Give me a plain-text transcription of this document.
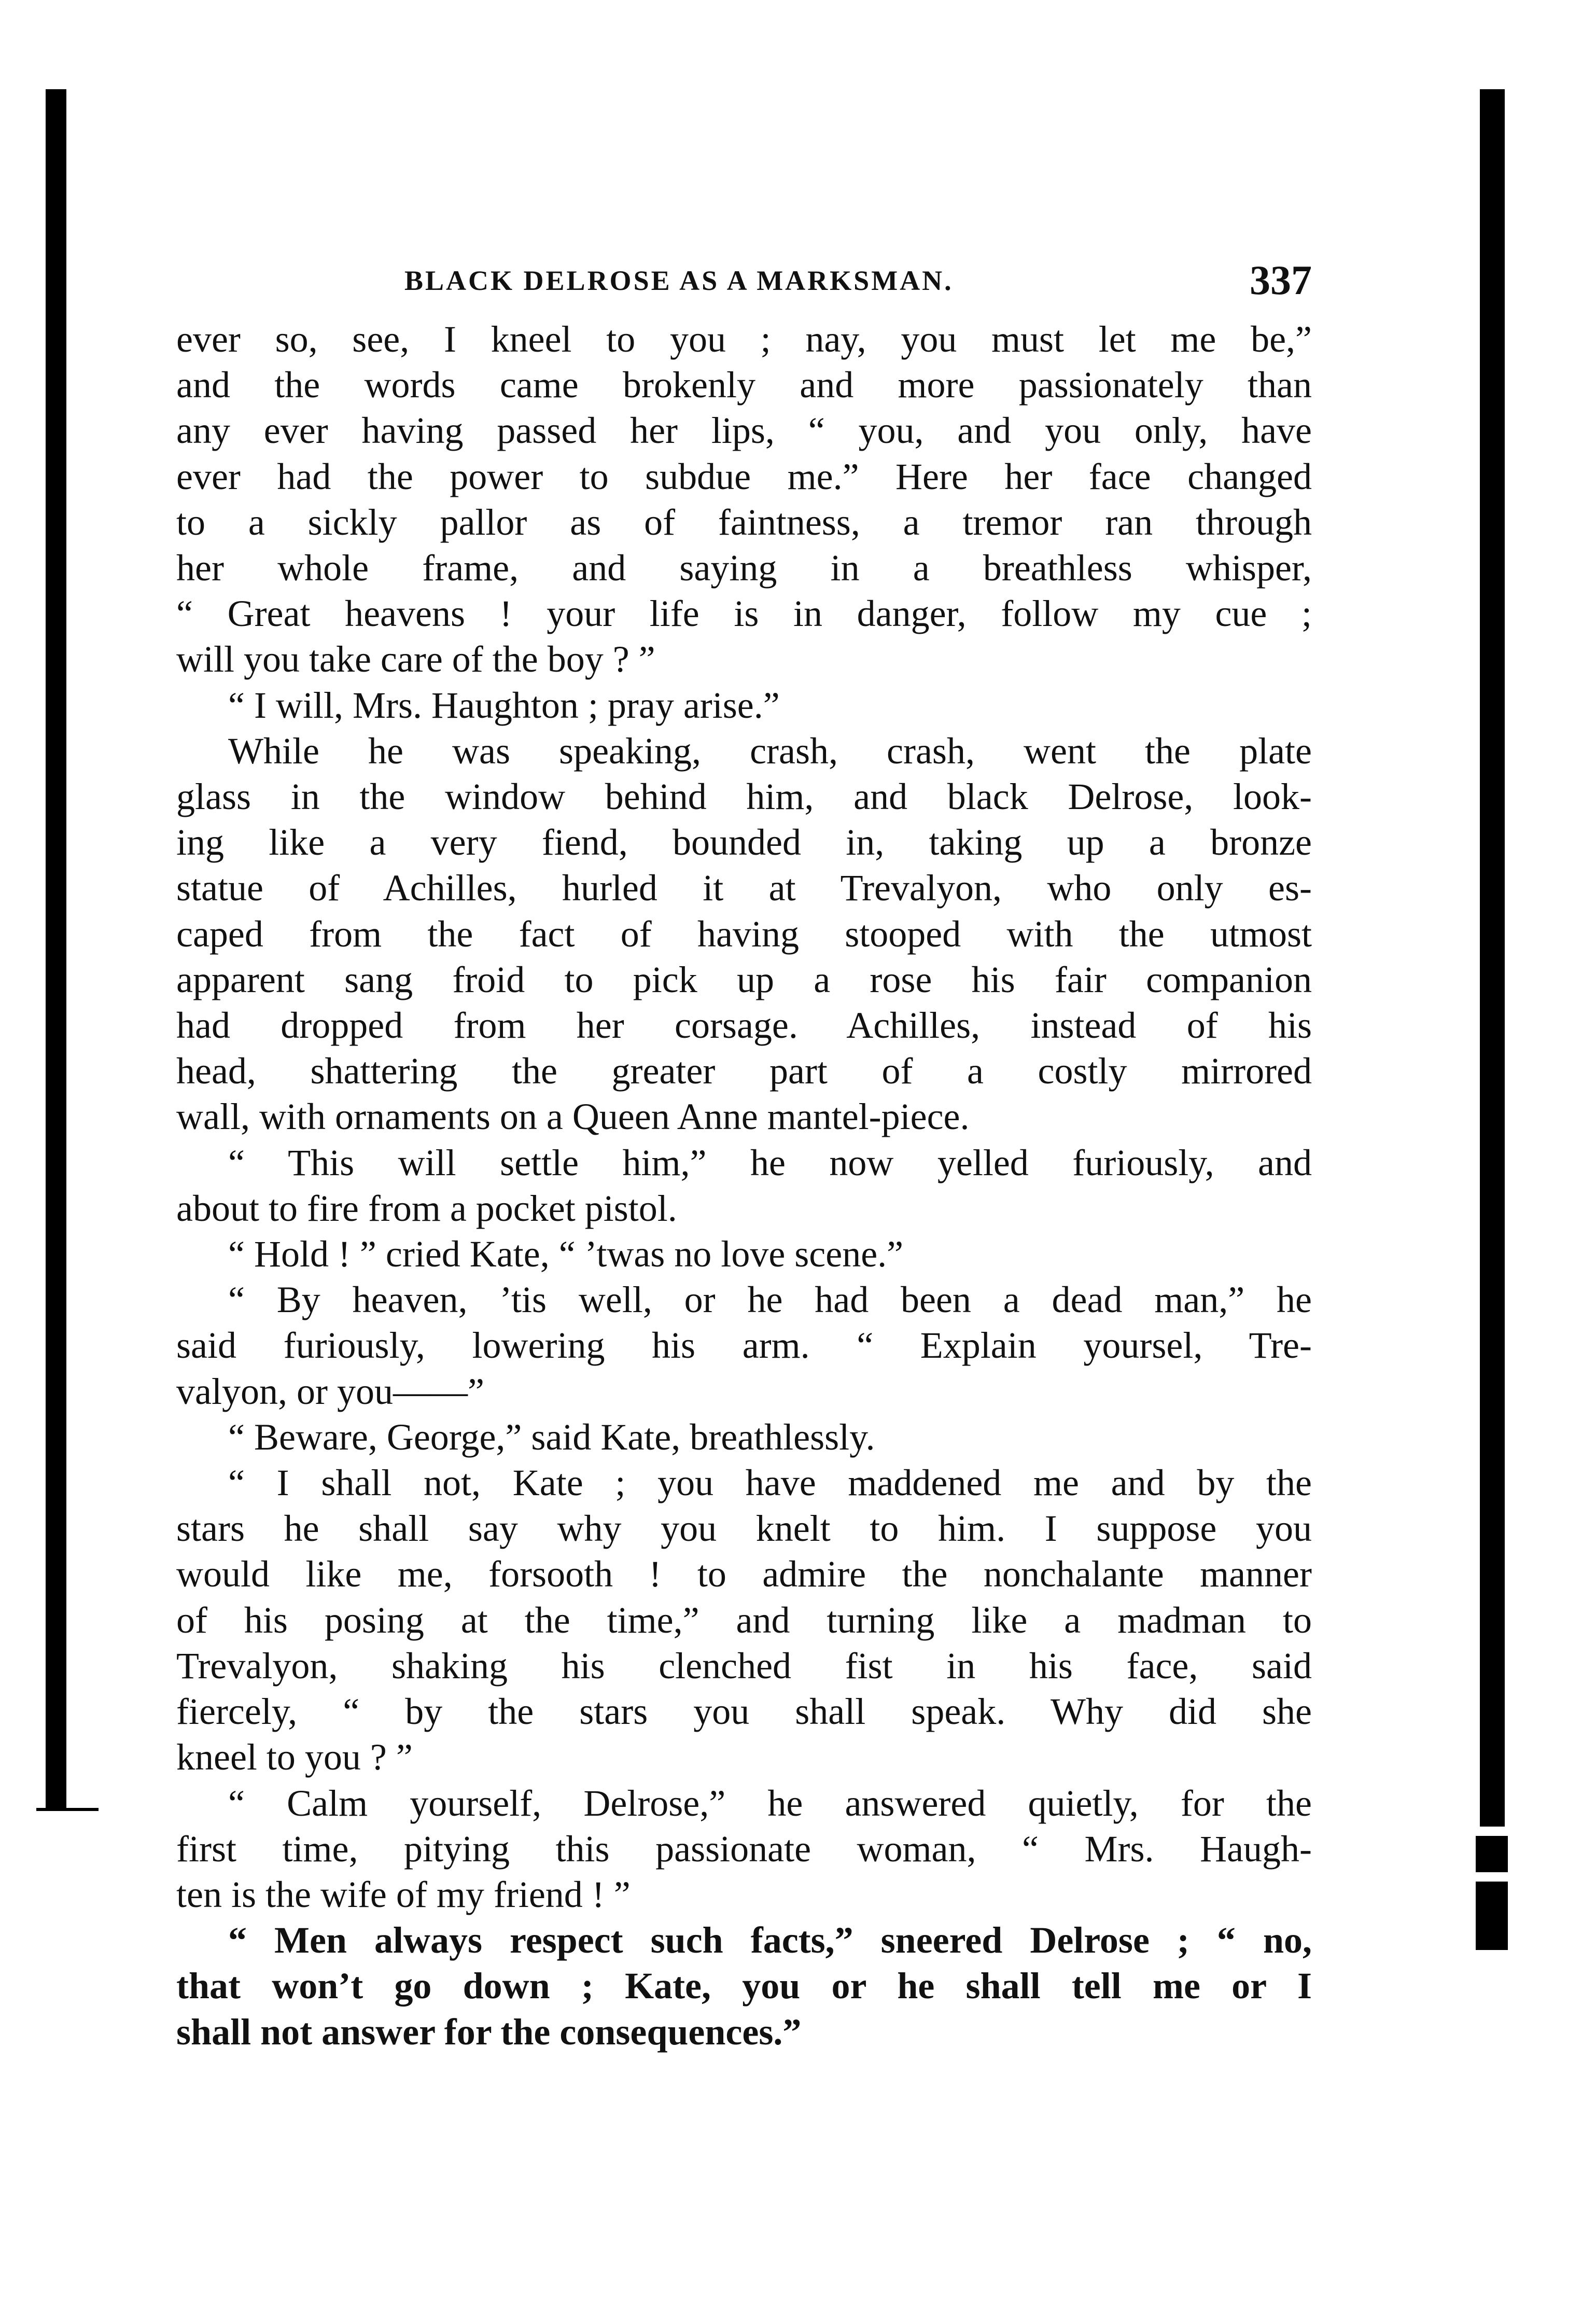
BLACK DELROSE AS A MARKSMAN.	337
ever so, see, I kneel to you ; nay, you must let me be,”
and the words came brokenly and more passionately than
any ever having passed her lips, “ you, and you only, have
ever had the power to subdue me.” Here her face changed
to a sickly pallor as of faintness, a tremor ran through
her whole frame, and saying in a breathless whisper,
“ Great heavens ! your life is in danger, follow my cue ;
will you take care of the boy ? ”
“ I will, Mrs. Haughton ; pray arise.”
While he was speaking, crash, crash, went the plate
glass in the window behind him, and black Delrose, look-
ing like a very fiend, bounded in, taking up a bronze
statue of Achilles, hurled it at Trevalyon, who only es-
caped from the fact of having stooped with the utmost
apparent sang froid to pick up a rose his fair companion
had dropped from her corsage. Achilles, instead of his
head, shattering the greater part of a costly mirrored
wall, with ornaments on a Queen Anne mantel-piece.
“ This will settle him,” he now yelled furiously, and
about to fire from a pocket pistol.
“ Hold ! ” cried Kate, “ ’twas no love scene.”
“ By heaven, ’tis well, or he had been a dead man,” he
said furiously, lowering his arm. “ Explain yoursel, Tre-
valyon, or you——”
“ Beware, George,” said Kate, breathlessly.
“ I shall not, Kate ; you have maddened me and by the
stars he shall say why you knelt to him. I suppose you
would like me, forsooth ! to admire the nonchalante manner
of his posing at the time,” and turning like a madman to
Trevalyon, shaking his clenched fist in his face, said
fiercely, “ by the stars you shall speak. Why did she
kneel to you ? ”
“ Calm yourself, Delrose,” he answered quietly, for the
first time, pitying this passionate woman, “ Mrs. Haugh-
ten is the wife of my friend ! ”
“ Men always respect such facts,” sneered Delrose ; “ no,
that won’t go down ; Kate, you or he shall tell me or I
shall not answer for the consequences.”
